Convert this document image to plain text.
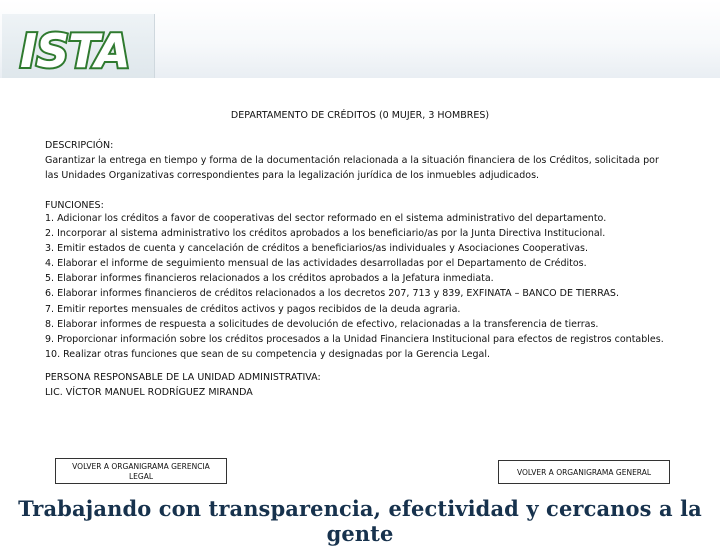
ISTA
DEPARTAMENTO DE CRÉDITOS (0 MUJER, 3 HOMBRES)
DESCRIPCIÓN:
Garantizar la entrega en tiempo y forma de la documentación relacionada a la situación financiera de los Créditos, solicitada por
las Unidades Organizativas correspondientes para la legalización jurídica de los inmuebles adjudicados.
FUNCIONES:
1. Adicionar los créditos a favor de cooperativas del sector reformado en el sistema administrativo del departamento.
2. Incorporar al sistema administrativo los créditos aprobados a los beneficiario/as por la Junta Directiva Institucional.
3. Emitir estados de cuenta y cancelación de créditos a beneficiarios/as individuales y Asociaciones Cooperativas.
4. Elaborar el informe de seguimiento mensual de las actividades desarrolladas por el Departamento de Créditos.
5. Elaborar informes financieros relacionados a los créditos aprobados a la Jefatura inmediata.
6. Elaborar informes financieros de créditos relacionados a los decretos 207, 713 y 839, EXFINATA – BANCO DE TIERRAS.
7. Emitir reportes mensuales de créditos activos y pagos recibidos de la deuda agraria.
8. Elaborar informes de respuesta a solicitudes de devolución de efectivo, relacionadas a la transferencia de tierras.
9. Proporcionar información sobre los créditos procesados a la Unidad Financiera Institucional para efectos de registros contables.
10. Realizar otras funciones que sean de su competencia y designadas por la Gerencia Legal.
PERSONA RESPONSABLE DE LA UNIDAD ADMINISTRATIVA:
LIC. VÍCTOR MANUEL RODRÍGUEZ MIRANDA
VOLVER A ORGANIGRAMA GERENCIA
LEGAL	VOLVER A ORGANIGRAMA GENERAL
Trabajando con transparencia, efectividad y cercanos a la gente
